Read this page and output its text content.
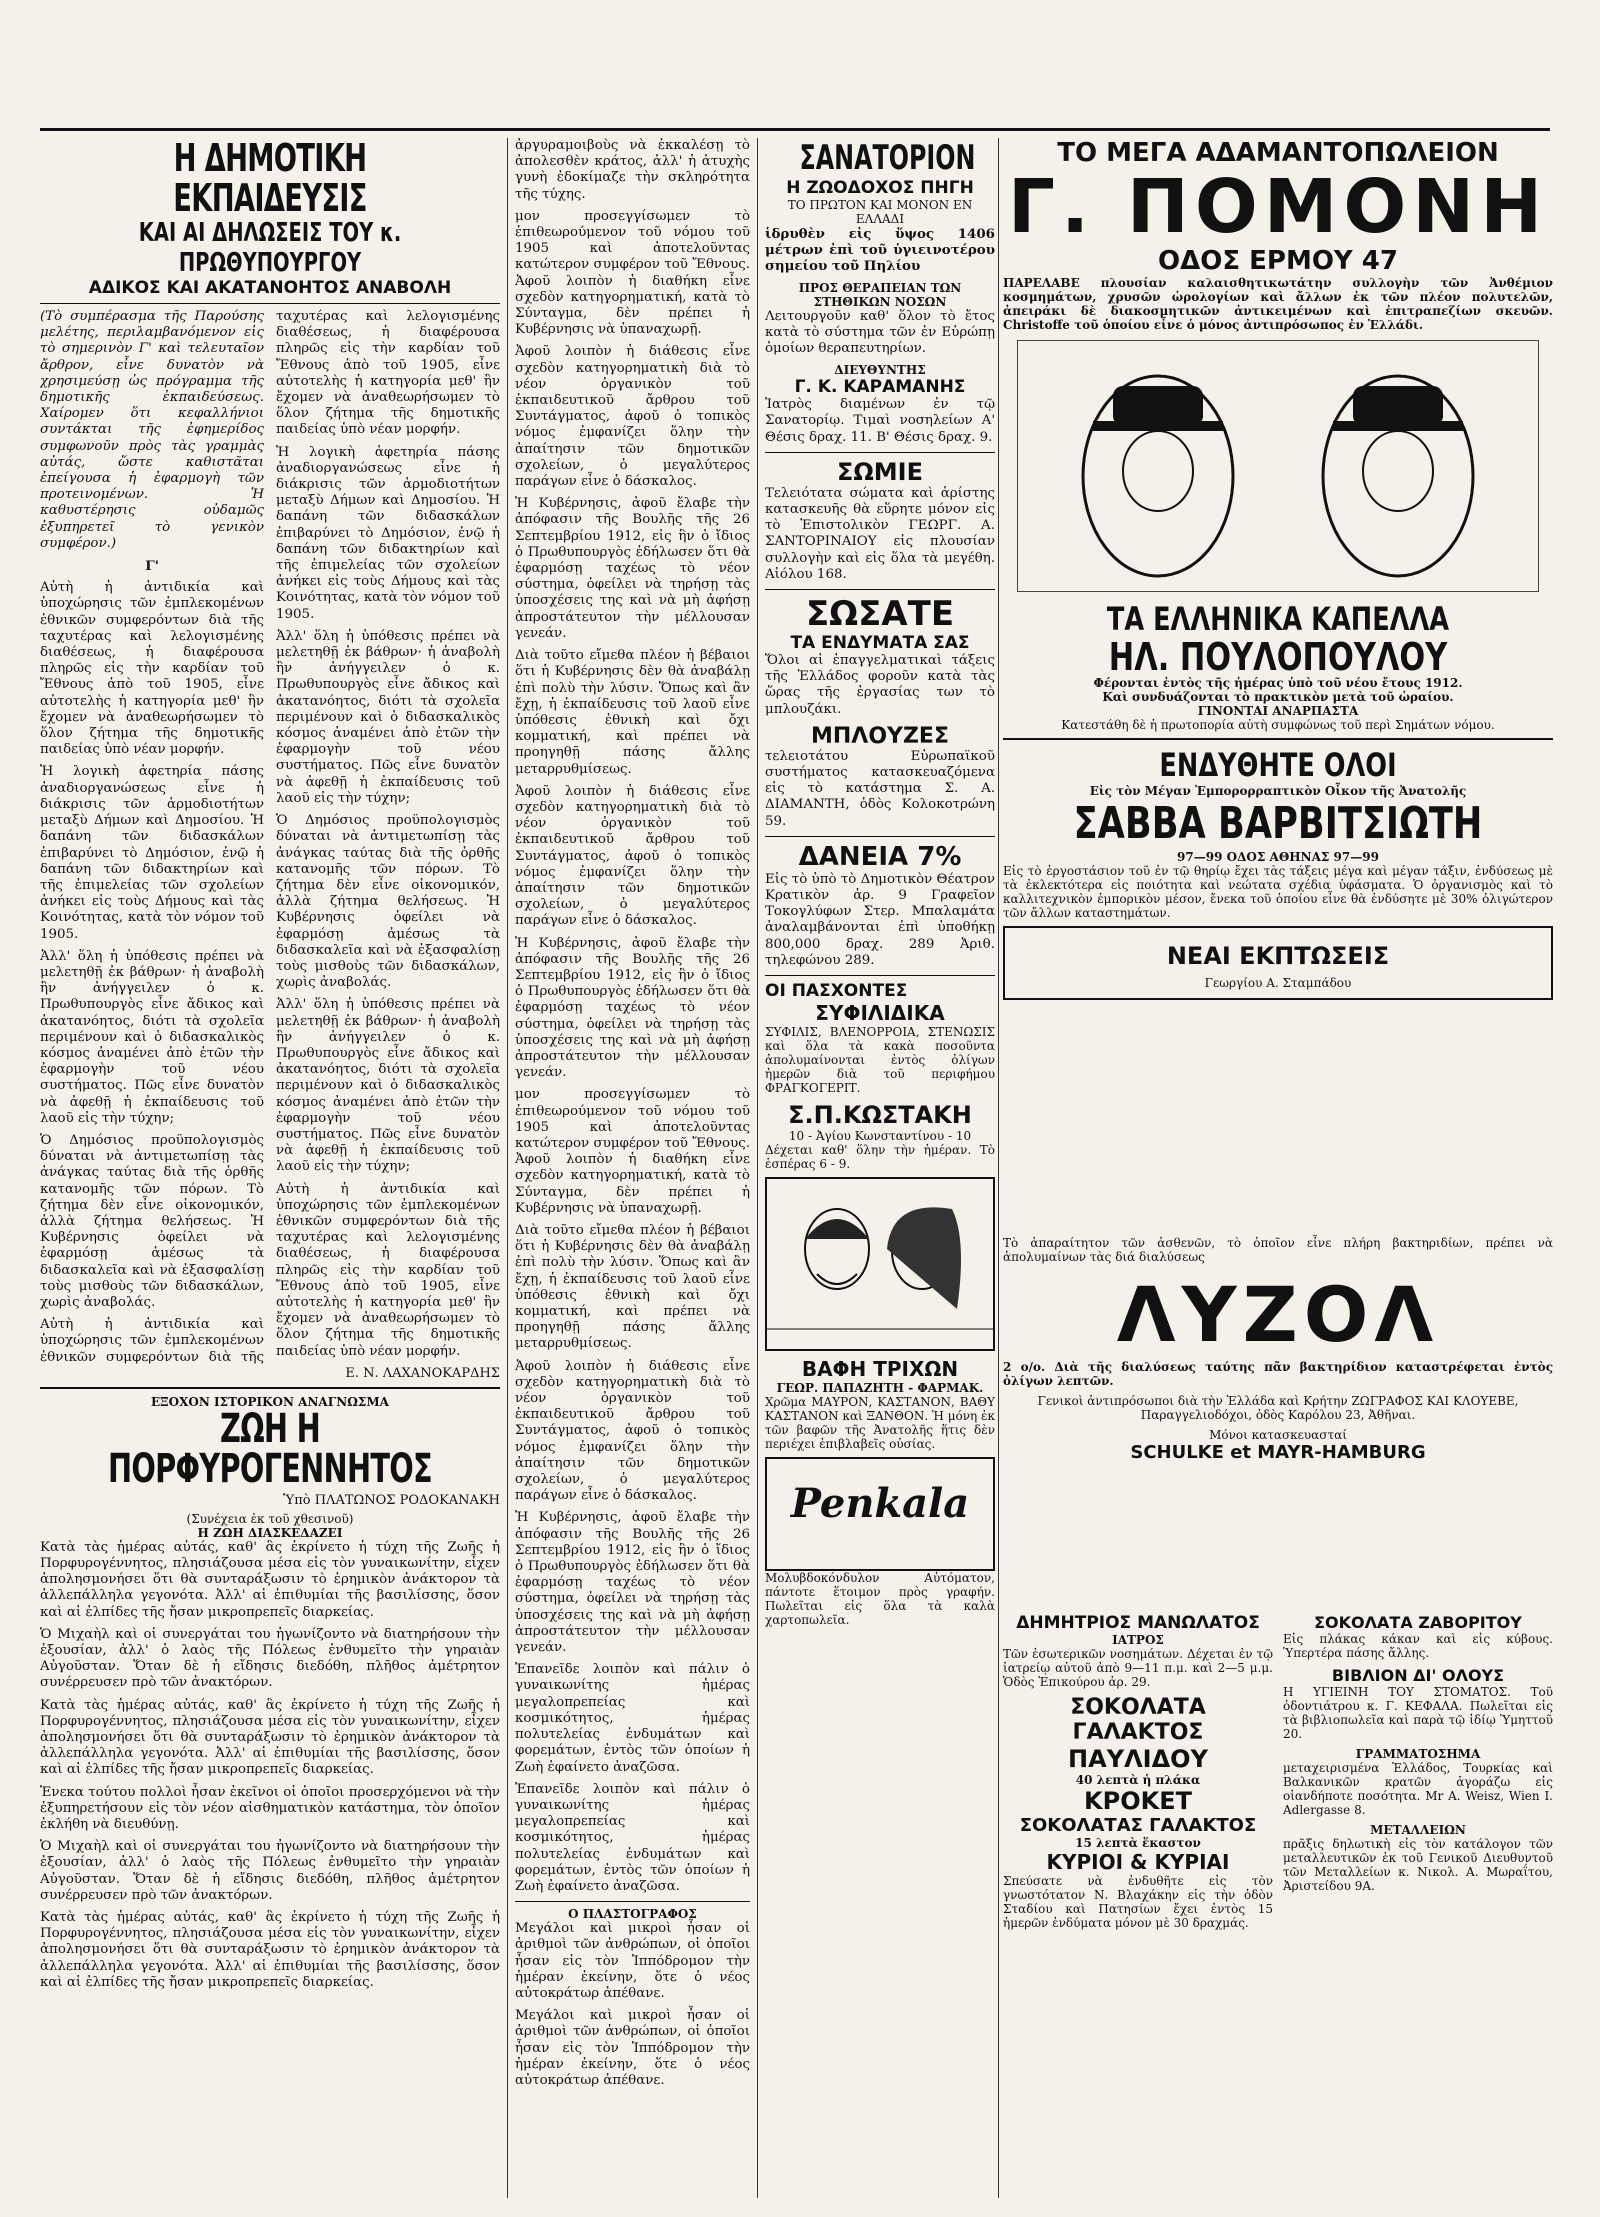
Η ΔΗΜΟΤΙΚΗ ΕΚΠΑΙΔΕΥΣΙΣ
ΚΑΙ ΑΙ ΔΗΛΩΣΕΙΣ ΤΟΥ κ. ΠΡΩΘΥΠΟΥΡΓΟΥ
ΑΔΙΚΟΣ ΚΑΙ ΑΚΑΤΑΝΟΗΤΟΣ ΑΝΑΒΟΛΗ

(Τὸ συμπέρασμα τῆς Παρούσης μελέτης, περιλαμβανόμενον εἰς τὸ σημερινὸν Γ' καὶ τελευταῖον ἄρθρον, εἶνε δυνατὸν νὰ χρησιμεύσῃ ὡς πρόγραμμα τῆς δημοτικῆς ἐκπαιδεύσεως. Χαίρομεν ὅτι κεφαλλήνιοι συντάκται τῆς ἐφημερίδος συμφωνοῦν πρὸς τὰς γραμμὰς αὐτάς, ὥστε καθιστᾶται ἐπείγουσα ἡ ἐφαρμογὴ τῶν προτεινομένων. Ἡ καθυστέρησις οὐδαμῶς ἐξυπηρετεῖ τὸ γενικὸν συμφέρον.)

Γ'

Αὐτὴ ἡ ἀντιδικία καὶ ὑποχώρησις τῶν ἐμπλεκομένων ἐθνικῶν συμφερόντων διὰ τῆς ταχυτέρας καὶ λελογισμένης διαθέσεως, ἡ διαφέρουσα πληρῶς εἰς τὴν καρδίαν τοῦ Ἔθνους ἀπὸ τοῦ 1905, εἶνε αὐτοτελὴς ἡ κατηγορία μεθ' ἣν ἔχομεν νὰ ἀναθεωρήσωμεν τὸ ὅλον ζήτημα τῆς δημοτικῆς παιδείας ὑπὸ νέαν μορφήν.

Ἡ λογικὴ ἀφετηρία πάσης ἀναδιοργανώσεως εἶνε ἡ διάκρισις τῶν ἁρμοδιοτήτων μεταξὺ Δήμων καὶ Δημοσίου. Ἡ δαπάνη τῶν διδασκάλων ἐπιβαρύνει τὸ Δημόσιον, ἐνῷ ἡ δαπάνη τῶν διδακτηρίων καὶ τῆς ἐπιμελείας τῶν σχολείων ἀνήκει εἰς τοὺς Δήμους καὶ τὰς Κοινότητας, κατὰ τὸν νόμον τοῦ 1905.

Ἀλλ' ὅλη ἡ ὑπόθεσις πρέπει νὰ μελετηθῇ ἐκ βάθρων· ἡ ἀναβολὴ ἣν ἀνήγγειλεν ὁ κ. Πρωθυπουργὸς εἶνε ἄδικος καὶ ἀκατανόητος, διότι τὰ σχολεῖα περιμένουν καὶ ὁ διδασκαλικὸς κόσμος ἀναμένει ἀπὸ ἐτῶν τὴν ἐφαρμογὴν τοῦ νέου συστήματος. Πῶς εἶνε δυνατὸν νὰ ἀφεθῇ ἡ ἐκπαίδευσις τοῦ λαοῦ εἰς τὴν τύχην;

Ὁ Δημόσιος προϋπολογισμὸς δύναται νὰ ἀντιμετωπίσῃ τὰς ἀνάγκας ταύτας διὰ τῆς ὀρθῆς κατανομῆς τῶν πόρων. Τὸ ζήτημα δὲν εἶνε οἰκονομικόν, ἀλλὰ ζήτημα θελήσεως. Ἡ Κυβέρνησις ὀφείλει νὰ ἐφαρμόσῃ ἀμέσως τὰ διδασκαλεῖα καὶ νὰ ἐξασφαλίσῃ τοὺς μισθοὺς τῶν διδασκάλων, χωρὶς ἀναβολάς.

Αὐτὴ ἡ ἀντιδικία καὶ ὑποχώρησις τῶν ἐμπλεκομένων ἐθνικῶν συμφερόντων διὰ τῆς ταχυτέρας καὶ λελογισμένης διαθέσεως, ἡ διαφέρουσα πληρῶς εἰς τὴν καρδίαν τοῦ Ἔθνους ἀπὸ τοῦ 1905, εἶνε αὐτοτελὴς ἡ κατηγορία μεθ' ἣν ἔχομεν νὰ ἀναθεωρήσωμεν τὸ ὅλον ζήτημα τῆς δημοτικῆς παιδείας ὑπὸ νέαν μορφήν.

Ἡ λογικὴ ἀφετηρία πάσης ἀναδιοργανώσεως εἶνε ἡ διάκρισις τῶν ἁρμοδιοτήτων μεταξὺ Δήμων καὶ Δημοσίου. Ἡ δαπάνη τῶν διδασκάλων ἐπιβαρύνει τὸ Δημόσιον, ἐνῷ ἡ δαπάνη τῶν διδακτηρίων καὶ τῆς ἐπιμελείας τῶν σχολείων ἀνήκει εἰς τοὺς Δήμους καὶ τὰς Κοινότητας, κατὰ τὸν νόμον τοῦ 1905.

Ἀλλ' ὅλη ἡ ὑπόθεσις πρέπει νὰ μελετηθῇ ἐκ βάθρων· ἡ ἀναβολὴ ἣν ἀνήγγειλεν ὁ κ. Πρωθυπουργὸς εἶνε ἄδικος καὶ ἀκατανόητος, διότι τὰ σχολεῖα περιμένουν καὶ ὁ διδασκαλικὸς κόσμος ἀναμένει ἀπὸ ἐτῶν τὴν ἐφαρμογὴν τοῦ νέου συστήματος. Πῶς εἶνε δυνατὸν νὰ ἀφεθῇ ἡ ἐκπαίδευσις τοῦ λαοῦ εἰς τὴν τύχην;

Ὁ Δημόσιος προϋπολογισμὸς δύναται νὰ ἀντιμετωπίσῃ τὰς ἀνάγκας ταύτας διὰ τῆς ὀρθῆς κατανομῆς τῶν πόρων. Τὸ ζήτημα δὲν εἶνε οἰκονομικόν, ἀλλὰ ζήτημα θελήσεως. Ἡ Κυβέρνησις ὀφείλει νὰ ἐφαρμόσῃ ἀμέσως τὰ διδασκαλεῖα καὶ νὰ ἐξασφαλίσῃ τοὺς μισθοὺς τῶν διδασκάλων, χωρὶς ἀναβολάς.

Ἀλλ' ὅλη ἡ ὑπόθεσις πρέπει νὰ μελετηθῇ ἐκ βάθρων· ἡ ἀναβολὴ ἣν ἀνήγγειλεν ὁ κ. Πρωθυπουργὸς εἶνε ἄδικος καὶ ἀκατανόητος, διότι τὰ σχολεῖα περιμένουν καὶ ὁ διδασκαλικὸς κόσμος ἀναμένει ἀπὸ ἐτῶν τὴν ἐφαρμογὴν τοῦ νέου συστήματος. Πῶς εἶνε δυνατὸν νὰ ἀφεθῇ ἡ ἐκπαίδευσις τοῦ λαοῦ εἰς τὴν τύχην;

Αὐτὴ ἡ ἀντιδικία καὶ ὑποχώρησις τῶν ἐμπλεκομένων ἐθνικῶν συμφερόντων διὰ τῆς ταχυτέρας καὶ λελογισμένης διαθέσεως, ἡ διαφέρουσα πληρῶς εἰς τὴν καρδίαν τοῦ Ἔθνους ἀπὸ τοῦ 1905, εἶνε αὐτοτελὴς ἡ κατηγορία μεθ' ἣν ἔχομεν νὰ ἀναθεωρήσωμεν τὸ ὅλον ζήτημα τῆς δημοτικῆς παιδείας ὑπὸ νέαν μορφήν.

Ε. Ν. ΛΑΧΑΝΟΚΑΡΔΗΣ
ΕΞΟΧΟΝ ΙΣΤΟΡΙΚΟΝ ΑΝΑΓΝΩΣΜΑ
ΖΩΗ Η ΠΟΡΦΥΡΟΓΕΝΝΗΤΟΣ
Ὑπὸ ΠΛΑΤΩΝΟΣ ΡΟΔΟΚΑΝΑΚΗ
(Συνέχεια ἐκ τοῦ χθεσινοῦ)
Η ΖΩΗ ΔΙΑΣΚΕΔΑΖΕΙ

Κατὰ τὰς ἡμέρας αὐτάς, καθ' ἃς ἐκρίνετο ἡ τύχη τῆς Ζωῆς ἡ Πορφυρογέννητος, πλησιάζουσα μέσα εἰς τὸν γυναικωνίτην, εἶχεν ἀπολησμονήσει ὅτι θὰ συνταράξωσιν τὸ ἐρημικὸν ἀνάκτορον τὰ ἀλλεπάλληλα γεγονότα. Ἀλλ' αἱ ἐπιθυμίαι τῆς βασιλίσσης, ὅσον καὶ αἱ ἐλπίδες τῆς ἤσαν μικροπρεπεῖς διαρκείας.

Ὁ Μιχαὴλ καὶ οἱ συνεργάται του ἠγωνίζοντο νὰ διατηρήσουν τὴν ἐξουσίαν, ἀλλ' ὁ λαὸς τῆς Πόλεως ἐνθυμεῖτο τὴν γηραιὰν Αὐγοῦσταν. Ὅταν δὲ ἡ εἴδησις διεδόθη, πλῆθος ἀμέτρητον συνέρρευσεν πρὸ τῶν ἀνακτόρων.

Κατὰ τὰς ἡμέρας αὐτάς, καθ' ἃς ἐκρίνετο ἡ τύχη τῆς Ζωῆς ἡ Πορφυρογέννητος, πλησιάζουσα μέσα εἰς τὸν γυναικωνίτην, εἶχεν ἀπολησμονήσει ὅτι θὰ συνταράξωσιν τὸ ἐρημικὸν ἀνάκτορον τὰ ἀλλεπάλληλα γεγονότα. Ἀλλ' αἱ ἐπιθυμίαι τῆς βασιλίσσης, ὅσον καὶ αἱ ἐλπίδες τῆς ἤσαν μικροπρεπεῖς διαρκείας.

Ἐνεκα τούτου πολλοὶ ἦσαν ἐκεῖνοι οἱ ὁποῖοι προσερχόμενοι νὰ τὴν ἐξυπηρετήσουν εἰς τὸν νέον αἰσθηματικὸν κατάστημα, τὸν ὁποῖον ἐκλήθη νὰ διευθύνῃ.

Ὁ Μιχαὴλ καὶ οἱ συνεργάται του ἠγωνίζοντο νὰ διατηρήσουν τὴν ἐξουσίαν, ἀλλ' ὁ λαὸς τῆς Πόλεως ἐνθυμεῖτο τὴν γηραιὰν Αὐγοῦσταν. Ὅταν δὲ ἡ εἴδησις διεδόθη, πλῆθος ἀμέτρητον συνέρρευσεν πρὸ τῶν ἀνακτόρων.

Κατὰ τὰς ἡμέρας αὐτάς, καθ' ἃς ἐκρίνετο ἡ τύχη τῆς Ζωῆς ἡ Πορφυρογέννητος, πλησιάζουσα μέσα εἰς τὸν γυναικωνίτην, εἶχεν ἀπολησμονήσει ὅτι θὰ συνταράξωσιν τὸ ἐρημικὸν ἀνάκτορον τὰ ἀλλεπάλληλα γεγονότα. Ἀλλ' αἱ ἐπιθυμίαι τῆς βασιλίσσης, ὅσον καὶ αἱ ἐλπίδες τῆς ἤσαν μικροπρεπεῖς διαρκείας.

ἀργυραμοιβοὺς νὰ ἐκκαλέσῃ τὸ ἀπολεσθὲν κράτος, ἀλλ' ἡ ἀτυχὴς γυνὴ ἐδοκίμαζε τὴν σκληρότητα τῆς τύχης.

μον προσεγγίσωμεν τὸ ἐπιθεωρούμενον τοῦ νόμου τοῦ 1905 καὶ ἀποτελοῦντας κατώτερον συμφέρον τοῦ Ἔθνους. Ἀφοῦ λοιπὸν ἡ διαθήκη εἶνε σχεδὸν κατηγορηματική, κατὰ τὸ Σύνταγμα, δὲν πρέπει ἡ Κυβέρνησις νὰ ὑπαναχωρῇ.

Ἀφοῦ λοιπὸν ἡ διάθεσις εἶνε σχεδὸν κατηγορηματικὴ διὰ τὸ νέον ὀργανικὸν τοῦ ἐκπαιδευτικοῦ ἄρθρου τοῦ Συντάγματος, ἀφοῦ ὁ τοπικὸς νόμος ἐμφανίζει ὅλην τὴν ἀπαίτησιν τῶν δημοτικῶν σχολείων, ὁ μεγαλύτερος παράγων εἶνε ὁ δάσκαλος.

Ἡ Κυβέρνησις, ἀφοῦ ἔλαβε τὴν ἀπόφασιν τῆς Βουλῆς τῆς 26 Σεπτεμβρίου 1912, εἰς ἣν ὁ ἴδιος ὁ Πρωθυπουργὸς ἐδήλωσεν ὅτι θὰ ἐφαρμόσῃ ταχέως τὸ νέον σύστημα, ὀφείλει νὰ τηρήσῃ τὰς ὑποσχέσεις της καὶ νὰ μὴ ἀφήσῃ ἀπροστάτευτον τὴν μέλλουσαν γενεάν.

Διὰ τοῦτο εἴμεθα πλέον ἡ βέβαιοι ὅτι ἡ Κυβέρνησις δὲν θὰ ἀναβάλῃ ἐπὶ πολὺ τὴν λύσιν. Ὅπως καὶ ἂν ἔχῃ, ἡ ἐκπαίδευσις τοῦ λαοῦ εἶνε ὑπόθεσις ἐθνικὴ καὶ ὄχι κομματική, καὶ πρέπει νὰ προηγηθῇ πάσης ἄλλης μεταρρυθμίσεως.

Ἀφοῦ λοιπὸν ἡ διάθεσις εἶνε σχεδὸν κατηγορηματικὴ διὰ τὸ νέον ὀργανικὸν τοῦ ἐκπαιδευτικοῦ ἄρθρου τοῦ Συντάγματος, ἀφοῦ ὁ τοπικὸς νόμος ἐμφανίζει ὅλην τὴν ἀπαίτησιν τῶν δημοτικῶν σχολείων, ὁ μεγαλύτερος παράγων εἶνε ὁ δάσκαλος.

Ἡ Κυβέρνησις, ἀφοῦ ἔλαβε τὴν ἀπόφασιν τῆς Βουλῆς τῆς 26 Σεπτεμβρίου 1912, εἰς ἣν ὁ ἴδιος ὁ Πρωθυπουργὸς ἐδήλωσεν ὅτι θὰ ἐφαρμόσῃ ταχέως τὸ νέον σύστημα, ὀφείλει νὰ τηρήσῃ τὰς ὑποσχέσεις της καὶ νὰ μὴ ἀφήσῃ ἀπροστάτευτον τὴν μέλλουσαν γενεάν.

μον προσεγγίσωμεν τὸ ἐπιθεωρούμενον τοῦ νόμου τοῦ 1905 καὶ ἀποτελοῦντας κατώτερον συμφέρον τοῦ Ἔθνους. Ἀφοῦ λοιπὸν ἡ διαθήκη εἶνε σχεδὸν κατηγορηματική, κατὰ τὸ Σύνταγμα, δὲν πρέπει ἡ Κυβέρνησις νὰ ὑπαναχωρῇ.

Διὰ τοῦτο εἴμεθα πλέον ἡ βέβαιοι ὅτι ἡ Κυβέρνησις δὲν θὰ ἀναβάλῃ ἐπὶ πολὺ τὴν λύσιν. Ὅπως καὶ ἂν ἔχῃ, ἡ ἐκπαίδευσις τοῦ λαοῦ εἶνε ὑπόθεσις ἐθνικὴ καὶ ὄχι κομματική, καὶ πρέπει νὰ προηγηθῇ πάσης ἄλλης μεταρρυθμίσεως.

Ἀφοῦ λοιπὸν ἡ διάθεσις εἶνε σχεδὸν κατηγορηματικὴ διὰ τὸ νέον ὀργανικὸν τοῦ ἐκπαιδευτικοῦ ἄρθρου τοῦ Συντάγματος, ἀφοῦ ὁ τοπικὸς νόμος ἐμφανίζει ὅλην τὴν ἀπαίτησιν τῶν δημοτικῶν σχολείων, ὁ μεγαλύτερος παράγων εἶνε ὁ δάσκαλος.

Ἡ Κυβέρνησις, ἀφοῦ ἔλαβε τὴν ἀπόφασιν τῆς Βουλῆς τῆς 26 Σεπτεμβρίου 1912, εἰς ἣν ὁ ἴδιος ὁ Πρωθυπουργὸς ἐδήλωσεν ὅτι θὰ ἐφαρμόσῃ ταχέως τὸ νέον σύστημα, ὀφείλει νὰ τηρήσῃ τὰς ὑποσχέσεις της καὶ νὰ μὴ ἀφήσῃ ἀπροστάτευτον τὴν μέλλουσαν γενεάν.

Ἐπανεῖδε λοιπὸν καὶ πάλιν ὁ γυναικωνίτης ἡμέρας μεγαλοπρεπείας καὶ κοσμικότητος, ἡμέρας πολυτελείας ἐνδυμάτων καὶ φορεμάτων, ἐντὸς τῶν ὁποίων ἡ Ζωὴ ἐφαίνετο ἀναζῶσα.

Ἐπανεῖδε λοιπὸν καὶ πάλιν ὁ γυναικωνίτης ἡμέρας μεγαλοπρεπείας καὶ κοσμικότητος, ἡμέρας πολυτελείας ἐνδυμάτων καὶ φορεμάτων, ἐντὸς τῶν ὁποίων ἡ Ζωὴ ἐφαίνετο ἀναζῶσα.

Ο ΠΛΑΣΤΟΓΡΑΦΟΣ

Μεγάλοι καὶ μικροὶ ἦσαν οἱ ἀριθμοὶ τῶν ἀνθρώπων, οἱ ὁποῖοι ἦσαν εἰς τὸν Ἰππόδρομον τὴν ἡμέραν ἐκείνην, ὅτε ὁ νέος αὐτοκράτωρ ἀπέθανε.

Μεγάλοι καὶ μικροὶ ἦσαν οἱ ἀριθμοὶ τῶν ἀνθρώπων, οἱ ὁποῖοι ἦσαν εἰς τὸν Ἰππόδρομον τὴν ἡμέραν ἐκείνην, ὅτε ὁ νέος αὐτοκράτωρ ἀπέθανε.

ΣΑΝΑΤΟΡΙΟΝ
Η ΖΩΟΔΟΧΟΣ ΠΗΓΗ
ΤΟ ΠΡΩΤΟΝ ΚΑΙ ΜΟΝΟΝ ΕΝ ΕΛΛΑΔΙ

ἱδρυθὲν εἰς ὕψος 1406 μέτρων ἐπὶ τοῦ ὑγιεινοτέρου σημείου τοῦ Πηλίου

ΠΡΟΣ ΘΕΡΑΠΕΙΑΝ ΤΩΝ ΣΤΗΘΙΚΩΝ ΝΟΣΩΝ

Λειτουργοῦν καθ' ὅλον τὸ ἔτος κατὰ τὸ σύστημα τῶν ἐν Εὐρώπῃ ὁμοίων θεραπευτηρίων.

ΔΙΕΥΘΥΝΤΗΣ
Γ. Κ. ΚΑΡΑΜΑΝΗΣ

Ἰατρὸς διαμένων ἐν τῷ Σανατορίῳ. Τιμαὶ νοσηλείων Α' Θέσις δραχ. 11. Β' Θέσις δραχ. 9.

ΣΩΜΙΕ

Τελειότατα σώματα καὶ ἀρίστης κατασκευῆς θὰ εὕρητε μόνον εἰς τὸ Ἐπιστολικὸν ΓΕΩΡΓ. Α. ΣΑΝΤΟΡΙΝΑΙΟΥ εἰς πλουσίαν συλλογὴν καὶ εἰς ὅλα τὰ μεγέθη. Αἰόλου 168.

ΣΩΣΑΤΕ
ΤΑ ΕΝΔΥΜΑΤΑ ΣΑΣ

Ὅλοι αἱ ἐπαγγελματικαὶ τάξεις τῆς Ἑλλάδος φοροῦν κατὰ τὰς ὥρας τῆς ἐργασίας των τὸ μπλουζάκι.

ΜΠΛΟΥΖΕΣ

τελειοτάτου Εὐρωπαϊκοῦ συστήματος κατασκευαζόμενα εἰς τὸ κατάστημα Σ. Α. ΔΙΑΜΑΝΤΗ, ὁδὸς Κολοκοτρώνη 59.

ΔΑΝΕΙΑ 7%

Εἰς τὸ ὑπὸ τὸ Δημοτικὸν Θέατρον Κρατικὸν ἀρ. 9 Γραφεῖον Τοκογλύφων Στερ. Μπαλαμάτα ἀναλαμβάνονται ἐπὶ ὑποθήκῃ 800,000 δραχ. 289 Ἀριθ. τηλεφώνου 289.

ΟΙ ΠΑΣΧΟΝΤΕΣ
ΣΥΦΙΛΙΔΙΚΑ

ΣΥΦΙΛΙΣ, ΒΛΕΝΟΡΡΟΙΑ, ΣΤΕΝΩΣΙΣ καὶ ὅλα τὰ κακὰ ποσοῦντα ἀπολυμαίνονται ἐντὸς ὀλίγων ἡμερῶν διὰ τοῦ περιφήμου ΦΡΑΓΚΟΓΕΡΙΤ.

Σ.Π.ΚΩΣΤΑΚΗ
10 - Ἀγίου Κωνσταντίνου - 10

Δέχεται καθ' ὅλην τὴν ἡμέραν. Τὸ ἑσπέρας 6 - 9.

ΒΑΦΗ ΤΡΙΧΩΝ
ΓΕΩΡ. ΠΑΠΑΖΗΤΗ - ΦΑΡΜΑΚ.

Χρῶμα ΜΑΥΡΟΝ, ΚΑΣΤΑΝΟΝ, ΒΑΘΥ ΚΑΣΤΑΝΟΝ καὶ ΞΑΝΘΟΝ. Ἡ μόνη ἐκ τῶν βαφῶν τῆς Ἀνατολῆς ἥτις δὲν περιέχει ἐπιβλαβεῖς οὐσίας.

Penkala

Μολυβδοκόνδυλον Αὐτόματον, πάντοτε ἕτοιμον πρὸς γραφήν. Πωλεῖται εἰς ὅλα τὰ καλὰ χαρτοπωλεῖα.

ΤΟ ΜΕΓΑ ΑΔΑΜΑΝΤΟΠΩΛΕΙΟΝ
Γ. ΠΟΜΟΝΗ
ΟΔΟΣ ΕΡΜΟΥ 47

ΠΑΡΕΛΑΒΕ πλουσίαν καλαισθητικωτάτην συλλογὴν τῶν Ἀνθέμιον κοσμημάτων, χρυσῶν ὡρολογίων καὶ ἄλλων ἐκ τῶν πλέον πολυτελῶν, ἀπειράκι δὲ διακοσμητικῶν ἀντικειμένων καὶ ἐπιτραπεζίων σκευῶν. Christoffe τοῦ ὁποίου εἶνε ὁ μόνος ἀντιπρόσωπος ἐν Ἑλλάδι.

ΤΑ ΕΛΛΗΝΙΚΑ ΚΑΠΕΛΛΑ
ΗΛ. ΠΟΥΛΟΠΟΥΛΟΥ
Φέρονται ἐντὸς τῆς ἡμέρας ὑπὸ τοῦ νέου ἔτους 1912.
Καὶ συνδυάζονται τὸ πρακτικὸν μετὰ τοῦ ὡραίου.
ΓΙΝΟΝΤΑΙ ΑΝΑΡΠΑΣΤΑ
Κατεστάθη δὲ ἡ πρωτοπορία αὐτὴ συμφώνως τοῦ περὶ Σημάτων νόμου.
ΕΝΔΥΘΗΤΕ ΟΛΟΙ
Εἰς τὸν Μέγαν Ἐμπορορραπτικὸν Οἶκον τῆς Ἀνατολῆς
ΣΑΒΒΑ ΒΑΡΒΙΤΣΙΩΤΗ
97—99 ΟΔΟΣ ΑΘΗΝΑΣ 97—99

Εἰς τὸ ἐργοστάσιον τοῦ ἐν τῷ θηρίῳ ἔχει τὰς τάξεις μέγα καὶ μέγαν τάξιν, ἐνδύσεως μὲ τὰ ἐκλεκτότερα εἰς ποιότητα καὶ νεώτατα σχέδια ὑφάσματα. Ὁ ὀργανισμὸς καὶ τὸ καλλιτεχνικὸν ἐμπορικὸν μέσον, ἔνεκα τοῦ ὁποίου εἶνε θὰ ἐνδύσητε μὲ 30% ὀλιγώτερον τῶν ἄλλων καταστημάτων.

ΝΕΑΙ ΕΚΠΤΩΣΕΙΣ
Γεωργίου Α. Σταμπάδου

Τὸ ἀπαραίτητον τῶν ἀσθενῶν, τὸ ὁποῖον εἶνε πλήρη βακτηριδίων, πρέπει νὰ ἀπολυμαίνων τὰς διά διαλύσεως

ΛΥΖΟΛ

2 ο/ο. Διὰ τῆς διαλύσεως ταύτης πᾶν βακτηρίδιον καταστρέφεται ἐντὸς ὀλίγων λεπτῶν.

Γενικοὶ ἀντιπρόσωποι διὰ τὴν Ἑλλάδα καὶ Κρήτην ΖΩΓΡΑΦΟΣ ΚΑΙ ΚΛΟΥΕΒΕ, Παραγγελιοδόχοι, ὁδὸς Καρόλου 23, Ἀθῆναι.

Μόνοι κατασκευασταί
SCHULKE et MAYR-HAMBURG
ΔΗΜΗΤΡΙΟΣ ΜΑΝΩΛΑΤΟΣ
ΙΑΤΡΟΣ

Τῶν ἐσωτερικῶν νοσημάτων. Δέχεται ἐν τῷ ἰατρείῳ αὐτοῦ ἀπὸ 9—11 π.μ. καὶ 2—5 μ.μ. Ὁδὸς Ἐπικούρου ἀρ. 29.

ΣΟΚΟΛΑΤΑ ΓΑΛΑΚΤΟΣ
ΠΑΥΛΙΔΟΥ
40 λεπτὰ ἡ πλάκα
ΚΡΟΚΕΤ
ΣΟΚΟΛΑΤΑΣ ΓΑΛΑΚΤΟΣ
15 λεπτὰ ἕκαστον
ΚΥΡΙΟΙ & ΚΥΡΙΑΙ

Σπεύσατε νὰ ἐνδυθῆτε εἰς τὸν γνωστότατον Ν. Βλαχάκην εἰς τὴν ὁδὸν Σταδίου καὶ Πατησίων ἔχει ἐντὸς 15 ἡμερῶν ἐνδύματα μόνον μὲ 30 δραχμάς.

ΣΟΚΟΛΑΤΑ ΖΑΒΟΡΙΤΟΥ

Εἰς πλάκας κάκαν καὶ εἰς κύβους. Ὑπερτέρα πάσης ἄλλης.

ΒΙΒΛΙΟΝ ΔΙ' ΟΛΟΥΣ

Η ΥΓΙΕΙΝΗ ΤΟΥ ΣΤΟΜΑΤΟΣ. Τοῦ ὀδοντιάτρου κ. Γ. ΚΕΦΑΛΑ. Πωλεῖται εἰς τὰ βιβλιοπωλεῖα καὶ παρὰ τῷ ἰδίῳ Ὑμηττοῦ 20.

ΓΡΑΜΜΑΤΟΣΗΜΑ

μεταχειρισμένα Ἑλλάδος, Τουρκίας καὶ Βαλκανικῶν κρατῶν ἀγοράζω εἰς οἱανδήποτε ποσότητα. Mr A. Weisz, Wien I. Adlergasse 8.

ΜΕΤΑΛΛΕΙΩΝ

πρᾶξις δηλωτικὴ εἰς τὸν κατάλογον τῶν μεταλλευτικῶν ἐκ τοῦ Γενικοῦ Διευθυντοῦ τῶν Μεταλλείων κ. Νικολ. Α. Μωραΐτου, Ἀριστείδου 9Α.
